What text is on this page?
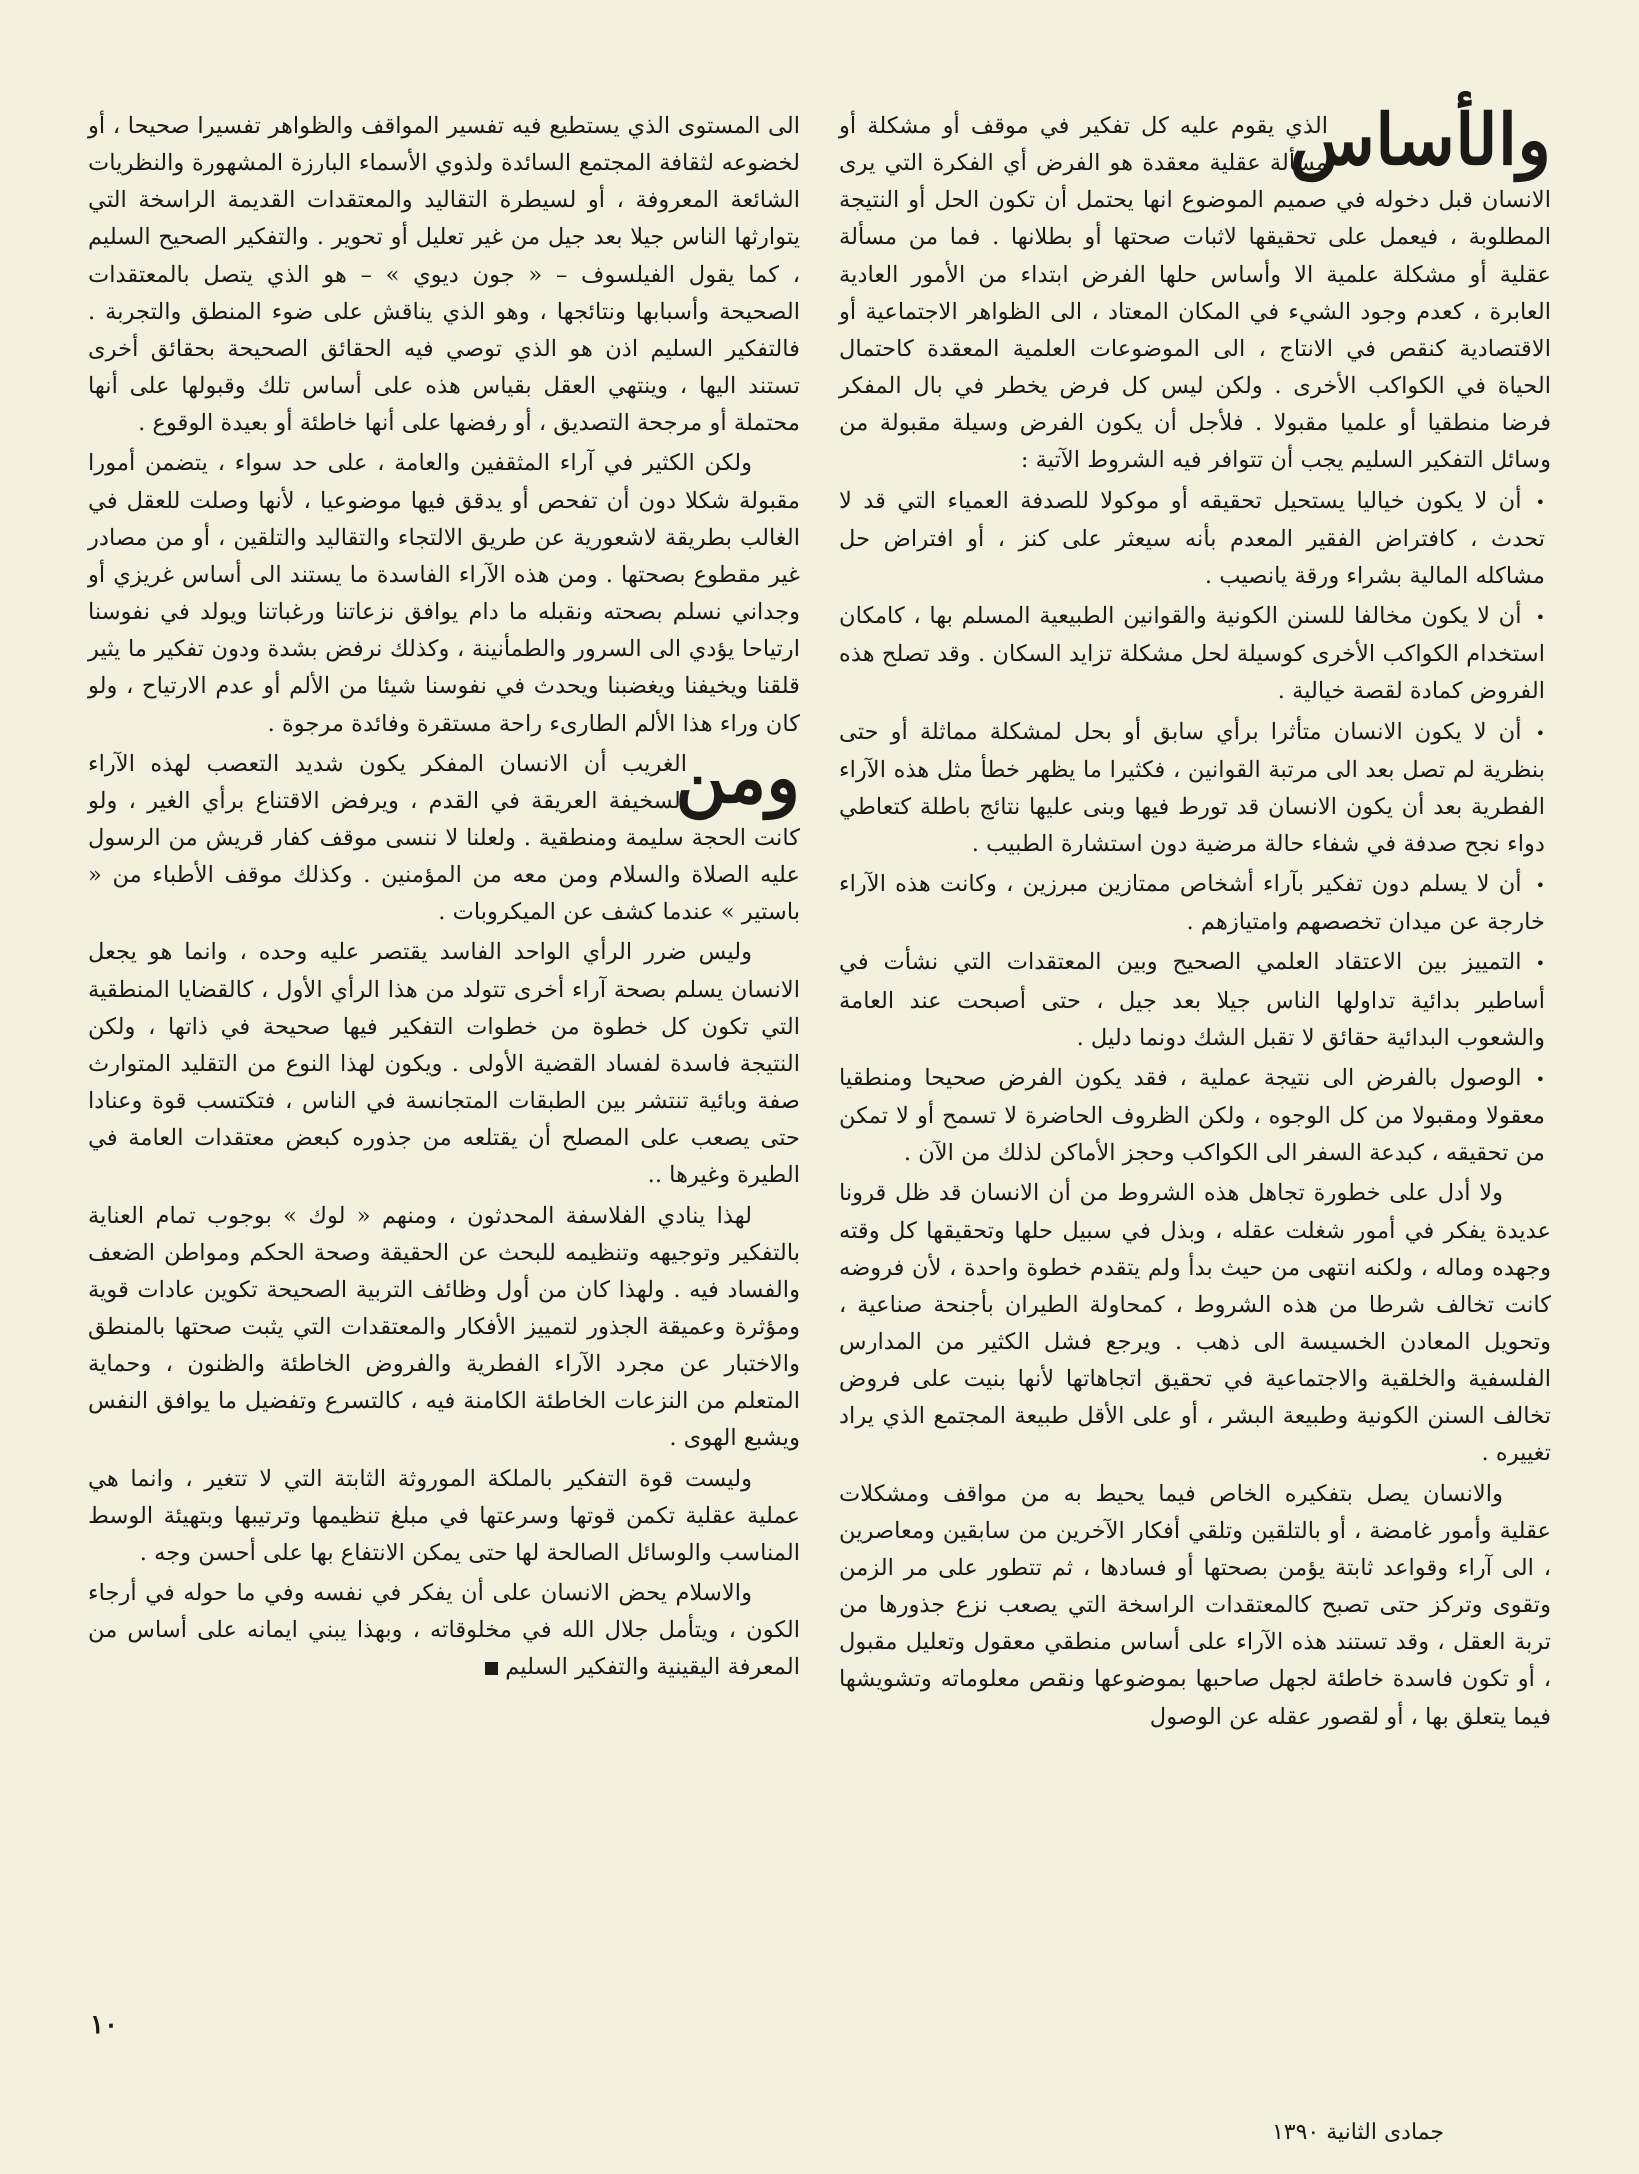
والأساس
الذي يقوم عليه كل تفكير في موقف أو مشكلة أو مسألة عقلية معقدة هو الفرض أي الفكرة التي يرى الانسان قبل دخوله في صميم الموضوع انها يحتمل أن تكون الحل أو النتيجة المطلوبة ، فيعمل على تحقيقها لاثبات صحتها أو بطلانها . فما من مسألة عقلية أو مشكلة علمية الا وأساس حلها الفرض ابتداء من الأمور العادية العابرة ، كعدم وجود الشيء في المكان المعتاد ، الى الظواهر الاجتماعية أو الاقتصادية كنقص في الانتاج ، الى الموضوعات العلمية المعقدة كاحتمال الحياة في الكواكب الأخرى . ولكن ليس كل فرض يخطر في بال المفكر فرضا منطقيا أو علميا مقبولا . فلأجل أن يكون الفرض وسيلة مقبولة من وسائل التفكير السليم يجب أن تتوافر فيه الشروط الآتية :

•أن لا يكون خياليا يستحيل تحقيقه أو موكولا للصدفة العمياء التي قد لا تحدث ، كافتراض الفقير المعدم بأنه سيعثر على كنز ، أو افتراض حل مشاكله المالية بشراء ورقة يانصيب .

•أن لا يكون مخالفا للسنن الكونية والقوانين الطبيعية المسلم بها ، كامكان استخدام الكواكب الأخرى كوسيلة لحل مشكلة تزايد السكان . وقد تصلح هذه الفروض كمادة لقصة خيالية .

•أن لا يكون الانسان متأثرا برأي سابق أو بحل لمشكلة مماثلة أو حتى بنظرية لم تصل بعد الى مرتبة القوانين ، فكثيرا ما يظهر خطأ مثل هذه الآراء الفطرية بعد أن يكون الانسان قد تورط فيها وبنى عليها نتائج باطلة كتعاطي دواء نجح صدفة في شفاء حالة مرضية دون استشارة الطبيب .

•أن لا يسلم دون تفكير بآراء أشخاص ممتازين مبرزين ، وكانت هذه الآراء خارجة عن ميدان تخصصهم وامتيازهم .

•التمييز بين الاعتقاد العلمي الصحيح وبين المعتقدات التي نشأت في أساطير بدائية تداولها الناس جيلا بعد جيل ، حتى أصبحت عند العامة والشعوب البدائية حقائق لا تقبل الشك دونما دليل .

•الوصول بالفرض الى نتيجة عملية ، فقد يكون الفرض صحيحا ومنطقيا معقولا ومقبولا من كل الوجوه ، ولكن الظروف الحاضرة لا تسمح أو لا تمكن من تحقيقه ، كبدعة السفر الى الكواكب وحجز الأماكن لذلك من الآن .

ولا أدل على خطورة تجاهل هذه الشروط من أن الانسان قد ظل قرونا عديدة يفكر في أمور شغلت عقله ، وبذل في سبيل حلها وتحقيقها كل وقته وجهده وماله ، ولكنه انتهى من حيث بدأ ولم يتقدم خطوة واحدة ، لأن فروضه كانت تخالف شرطا من هذه الشروط ، كمحاولة الطيران بأجنحة صناعية ، وتحويل المعادن الخسيسة الى ذهب . ويرجع فشل الكثير من المدارس الفلسفية والخلقية والاجتماعية في تحقيق اتجاهاتها لأنها بنيت على فروض تخالف السنن الكونية وطبيعة البشر ، أو على الأقل طبيعة المجتمع الذي يراد تغييره .

والانسان يصل بتفكيره الخاص فيما يحيط به من مواقف ومشكلات عقلية وأمور غامضة ، أو بالتلقين وتلقي أفكار الآخرين من سابقين ومعاصرين ، الى آراء وقواعد ثابتة يؤمن بصحتها أو فسادها ، ثم تتطور على مر الزمن وتقوى وتركز حتى تصبح كالمعتقدات الراسخة التي يصعب نزع جذورها من تربة العقل ، وقد تستند هذه الآراء على أساس منطقي معقول وتعليل مقبول ، أو تكون فاسدة خاطئة لجهل صاحبها بموضوعها ونقص معلوماته وتشويشها فيما يتعلق بها ، أو لقصور عقله عن الوصول

الى المستوى الذي يستطيع فيه تفسير المواقف والظواهر تفسيرا صحيحا ، أو لخضوعه لثقافة المجتمع السائدة ولذوي الأسماء البارزة المشهورة والنظريات الشائعة المعروفة ، أو لسيطرة التقاليد والمعتقدات القديمة الراسخة التي يتوارثها الناس جيلا بعد جيل من غير تعليل أو تحوير . والتفكير الصحيح السليم ، كما يقول الفيلسوف – « جون ديوي » – هو الذي يتصل بالمعتقدات الصحيحة وأسبابها ونتائجها ، وهو الذي يناقش على ضوء المنطق والتجربة . فالتفكير السليم اذن هو الذي توصي فيه الحقائق الصحيحة بحقائق أخرى تستند اليها ، وينتهي العقل بقياس هذه على أساس تلك وقبولها على أنها محتملة أو مرجحة التصديق ، أو رفضها على أنها خاطئة أو بعيدة الوقوع .

ولكن الكثير في آراء المثقفين والعامة ، على حد سواء ، يتضمن أمورا مقبولة شكلا دون أن تفحص أو يدقق فيها موضوعيا ، لأنها وصلت للعقل في الغالب بطريقة لاشعورية عن طريق الالتجاء والتقاليد والتلقين ، أو من مصادر غير مقطوع بصحتها . ومن هذه الآراء الفاسدة ما يستند الى أساس غريزي أو وجداني نسلم بصحته ونقبله ما دام يوافق نزعاتنا ورغباتنا ويولد في نفوسنا ارتياحا يؤدي الى السرور والطمأنينة ، وكذلك نرفض بشدة ودون تفكير ما يثير قلقنا ويخيفنا ويغضبنا ويحدث في نفوسنا شيئا من الألم أو عدم الارتياح ، ولو كان وراء هذا الألم الطارىء راحة مستقرة وفائدة مرجوة .

ومن
الغريب أن الانسان المفكر يكون شديد التعصب لهذه الآراء السخيفة العريقة في القدم ، ويرفض الاقتناع برأي الغير ، ولو كانت الحجة سليمة ومنطقية . ولعلنا لا ننسى موقف كفار قريش من الرسول عليه الصلاة والسلام ومن معه من المؤمنين . وكذلك موقف الأطباء من « باستير » عندما كشف عن الميكروبات .

وليس ضرر الرأي الواحد الفاسد يقتصر عليه وحده ، وانما هو يجعل الانسان يسلم بصحة آراء أخرى تتولد من هذا الرأي الأول ، كالقضايا المنطقية التي تكون كل خطوة من خطوات التفكير فيها صحيحة في ذاتها ، ولكن النتيجة فاسدة لفساد القضية الأولى . ويكون لهذا النوع من التقليد المتوارث صفة وبائية تنتشر بين الطبقات المتجانسة في الناس ، فتكتسب قوة وعنادا حتى يصعب على المصلح أن يقتلعه من جذوره كبعض معتقدات العامة في الطيرة وغيرها ..

لهذا ينادي الفلاسفة المحدثون ، ومنهم « لوك » بوجوب تمام العناية بالتفكير وتوجيهه وتنظيمه للبحث عن الحقيقة وصحة الحكم ومواطن الضعف والفساد فيه . ولهذا كان من أول وظائف التربية الصحيحة تكوين عادات قوية ومؤثرة وعميقة الجذور لتمييز الأفكار والمعتقدات التي يثبت صحتها بالمنطق والاختبار عن مجرد الآراء الفطرية والفروض الخاطئة والظنون ، وحماية المتعلم من النزعات الخاطئة الكامنة فيه ، كالتسرع وتفضيل ما يوافق النفس ويشبع الهوى .

وليست قوة التفكير بالملكة الموروثة الثابتة التي لا تتغير ، وانما هي عملية عقلية تكمن قوتها وسرعتها في مبلغ تنظيمها وترتيبها وبتهيئة الوسط المناسب والوسائل الصالحة لها حتى يمكن الانتفاع بها على أحسن وجه .

والاسلام يحض الانسان على أن يفكر في نفسه وفي ما حوله في أرجاء الكون ، ويتأمل جلال الله في مخلوقاته ، وبهذا يبني ايمانه على أساس من المعرفة اليقينية والتفكير السليم

١٠
جمادى الثانية ١٣٩٠
